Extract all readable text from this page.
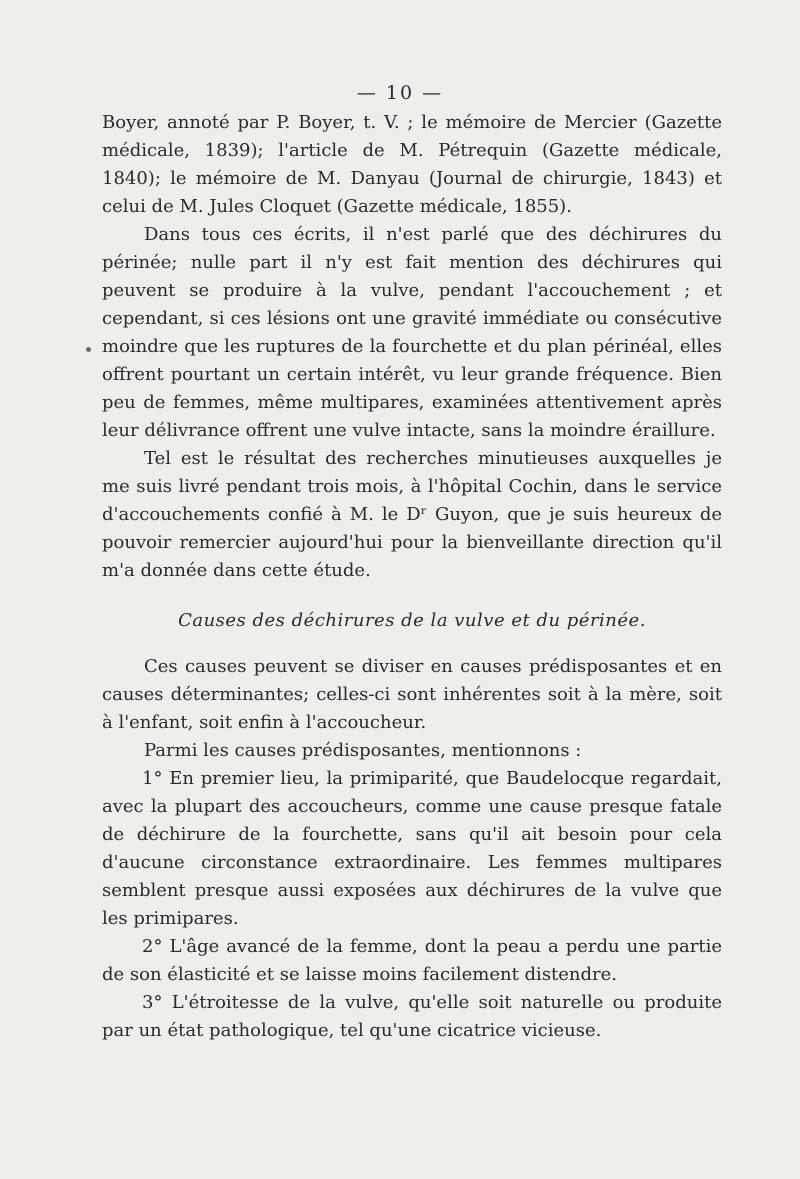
— 10 —

Boyer, annoté par P. Boyer, t. V. ; le mémoire de Mercier (Gazette médicale, 1839); l'article de M. Pétrequin (Gazette médicale, 1840); le mémoire de M. Danyau (Journal de chirurgie, 1843) et celui de M. Jules Cloquet (Gazette médicale, 1855).

Dans tous ces écrits, il n'est parlé que des déchirures du périnée; nulle part il n'y est fait mention des déchirures qui peuvent se produire à la vulve, pendant l'accouchement ; et cependant, si ces lésions ont une gravité immédiate ou consécutive moindre que les ruptures de la fourchette et du plan périnéal, elles offrent pourtant un certain intérêt, vu leur grande fréquence. Bien peu de femmes, même multipares, examinées attentivement après leur délivrance offrent une vulve intacte, sans la moindre éraillure.

Tel est le résultat des recherches minutieuses auxquelles je me suis livré pendant trois mois, à l'hôpital Cochin, dans le service d'accouchements confié à M. le Dʳ Guyon, que je suis heureux de pouvoir remercier aujourd'hui pour la bienveillante direction qu'il m'a donnée dans cette étude.

Causes des déchirures de la vulve et du périnée.

Ces causes peuvent se diviser en causes prédisposantes et en causes déterminantes; celles-ci sont inhérentes soit à la mère, soit à l'enfant, soit enfin à l'accoucheur.

Parmi les causes prédisposantes, mentionnons :

1° En premier lieu, la primiparité, que Baudelocque regardait, avec la plupart des accoucheurs, comme une cause presque fatale de déchirure de la fourchette, sans qu'il ait besoin pour cela d'aucune circonstance extraordinaire. Les femmes multipares semblent presque aussi exposées aux déchirures de la vulve que les primipares.

2° L'âge avancé de la femme, dont la peau a perdu une partie de son élasticité et se laisse moins facilement distendre.

3° L'étroitesse de la vulve, qu'elle soit naturelle ou produite par un état pathologique, tel qu'une cicatrice vicieuse.
